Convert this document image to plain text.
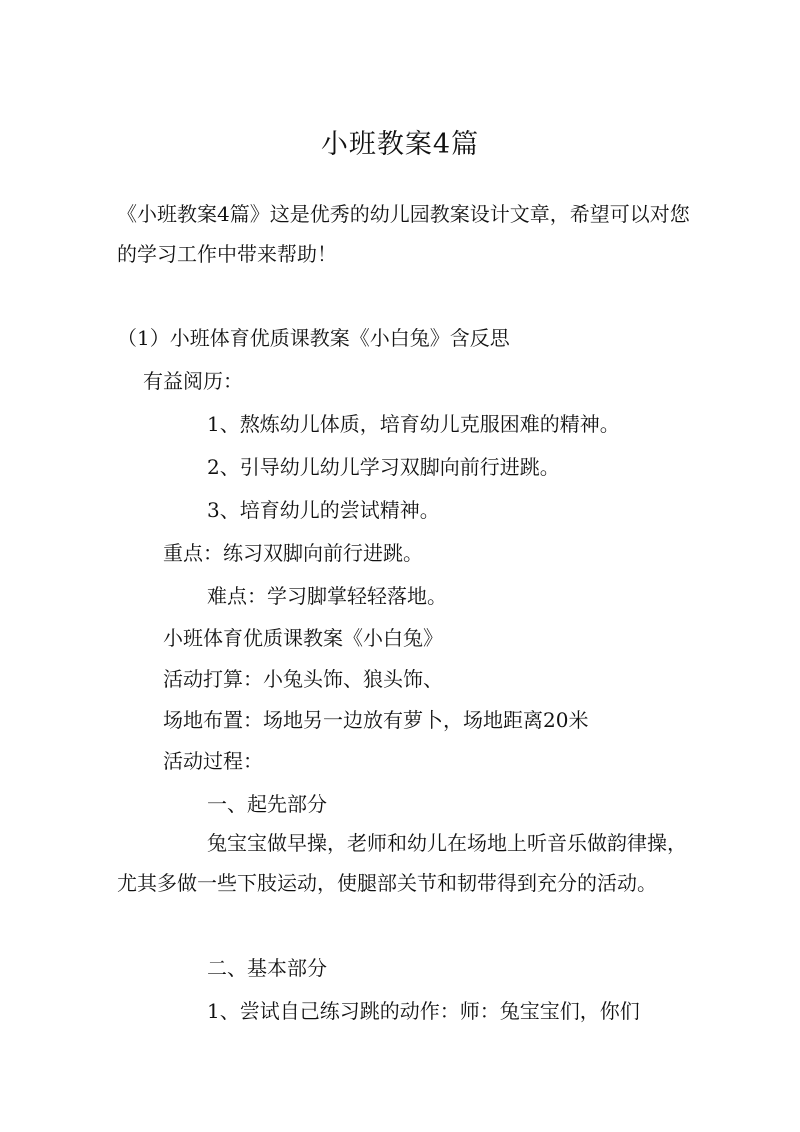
小班教案4篇
《小班教案4篇》这是优秀的幼儿园教案设计文章，希望可以对您的学习工作中带来帮助！
（1）小班体育优质课教案《小白兔》含反思
有益阅历：
1、熬炼幼儿体质，培育幼儿克服困难的精神。
2、引导幼儿幼儿学习双脚向前行进跳。
3、培育幼儿的尝试精神。
重点：练习双脚向前行进跳。
难点：学习脚掌轻轻落地。
小班体育优质课教案《小白兔》
活动打算：小兔头饰、狼头饰、
场地布置：场地另一边放有萝卜，场地距离20米
活动过程：
一、起先部分
兔宝宝做早操，老师和幼儿在场地上听音乐做韵律操，尤其多做一些下肢运动，使腿部关节和韧带得到充分的活动。
二、基本部分
1、尝试自己练习跳的动作：师：兔宝宝们，你们
